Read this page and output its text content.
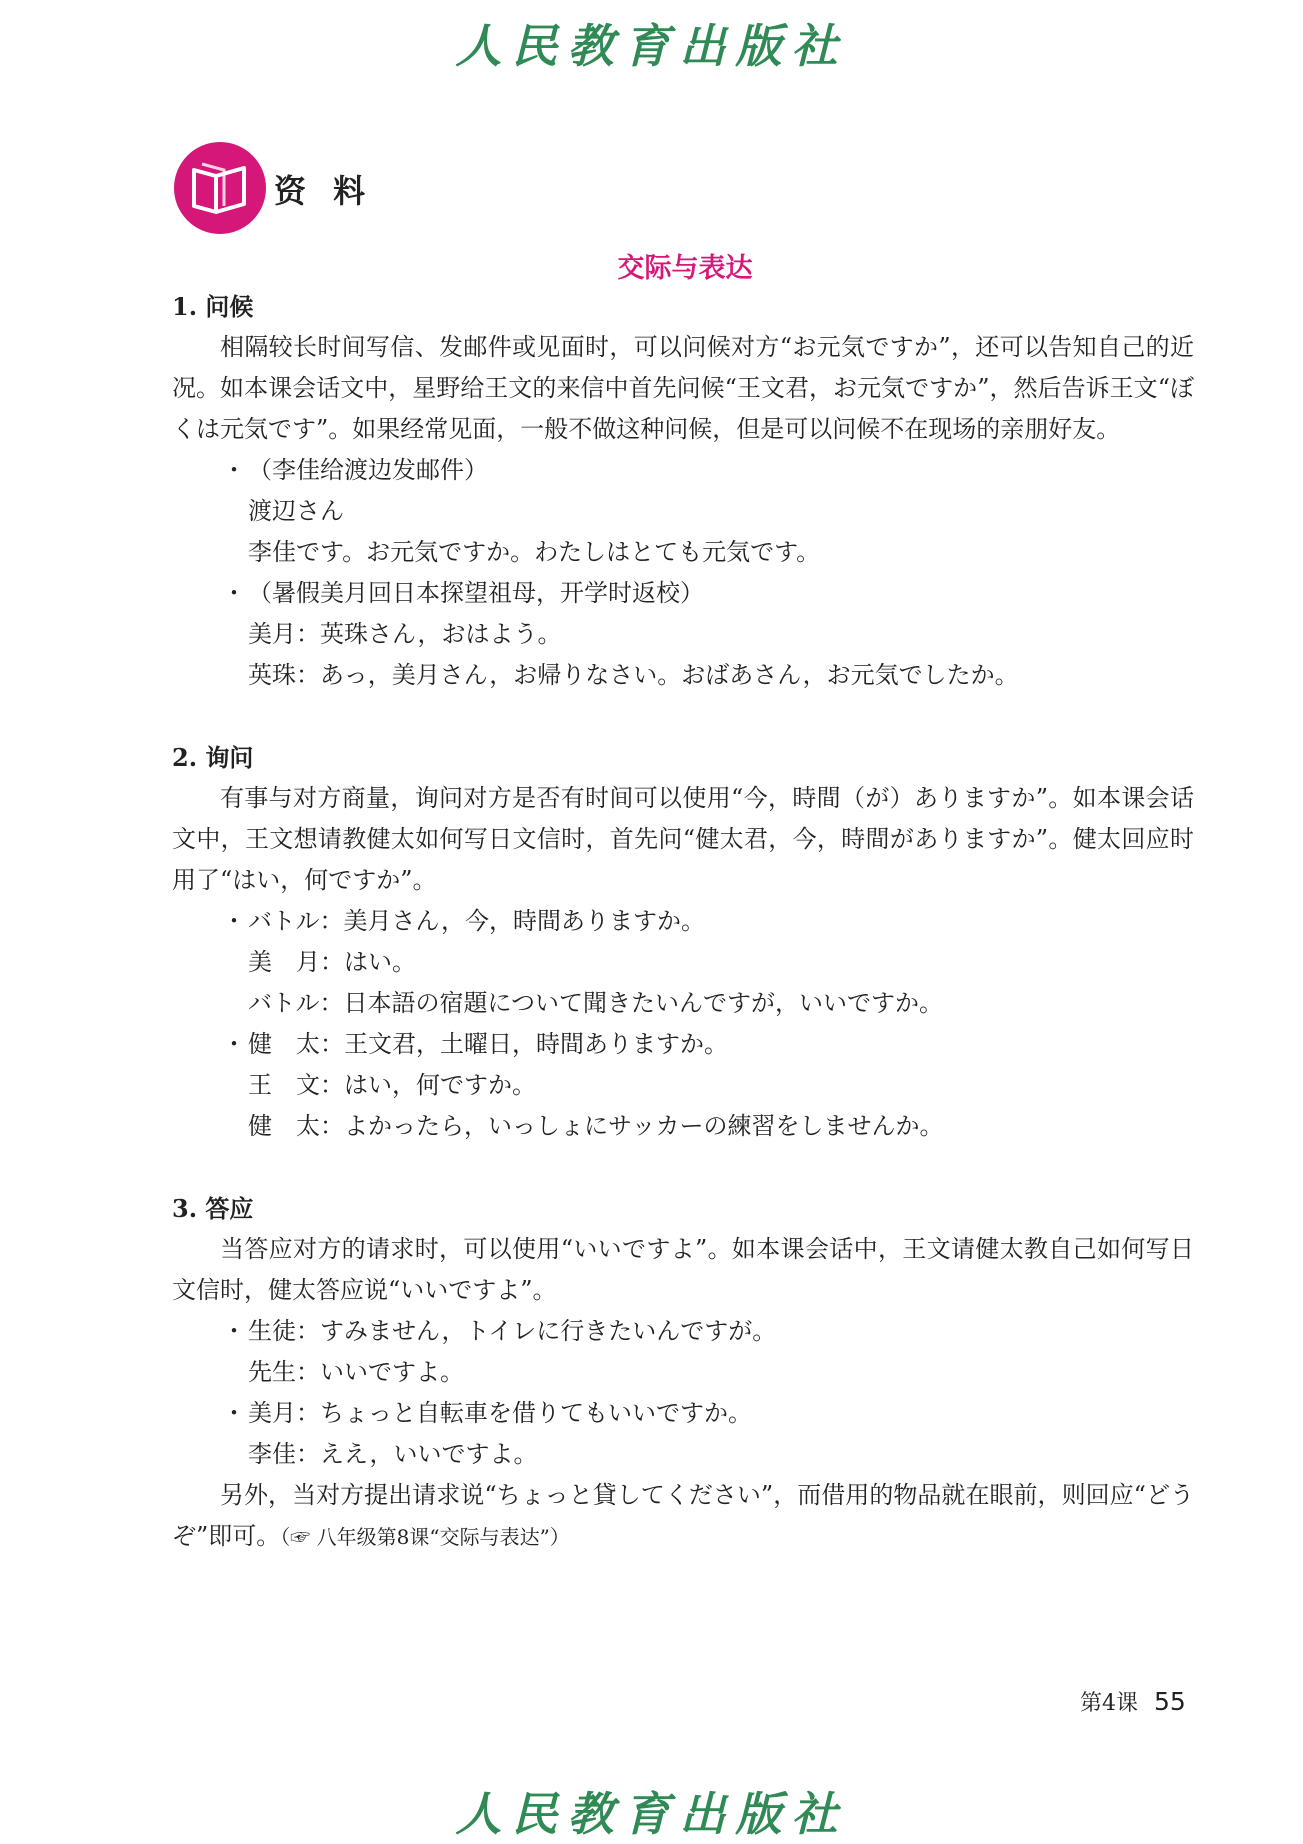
人民教育出版社
资 料
交际与表达

1. 问候

相隔较长时间写信、发邮件或见面时，可以问候对方“お元気ですか”，还可以告知自己的近况。如本课会话文中，星野给王文的来信中首先问候“王文君，お元気ですか”，然后告诉王文“ぼくは元気です”。如果经常见面，一般不做这种问候，但是可以问候不在现场的亲朋好友。

・（李佳给渡边发邮件）

渡辺さん

李佳です。お元気ですか。わたしはとても元気です。

・（暑假美月回日本探望祖母，开学时返校）

美月：英珠さん，おはよう。

英珠：あっ，美月さん，お帰りなさい。おばあさん，お元気でしたか。

2. 询问

有事与对方商量，询问对方是否有时间可以使用“今，時間（が）ありますか”。如本课会话文中，王文想请教健太如何写日文信时，首先问“健太君，今，時間がありますか”。健太回应时用了“はい，何ですか”。

・バトル：美月さん，今，時間ありますか。

美　月：はい。

バトル：日本語の宿題について聞きたいんですが，いいですか。

・健　太：王文君，土曜日，時間ありますか。

王　文：はい，何ですか。

健　太：よかったら，いっしょにサッカーの練習をしませんか。

3. 答应

当答应对方的请求时，可以使用“いいですよ”。如本课会话中，王文请健太教自己如何写日文信时，健太答应说“いいですよ”。

・生徒：すみません，トイレに行きたいんですが。

先生：いいですよ。

・美月：ちょっと自転車を借りてもいいですか。

李佳：ええ，いいですよ。

另外，当对方提出请求说“ちょっと貸してください”，而借用的物品就在眼前，则回应“どうぞ”即可。（☞ 八年级第8课“交际与表达”）

第4课 55
人民教育出版社
